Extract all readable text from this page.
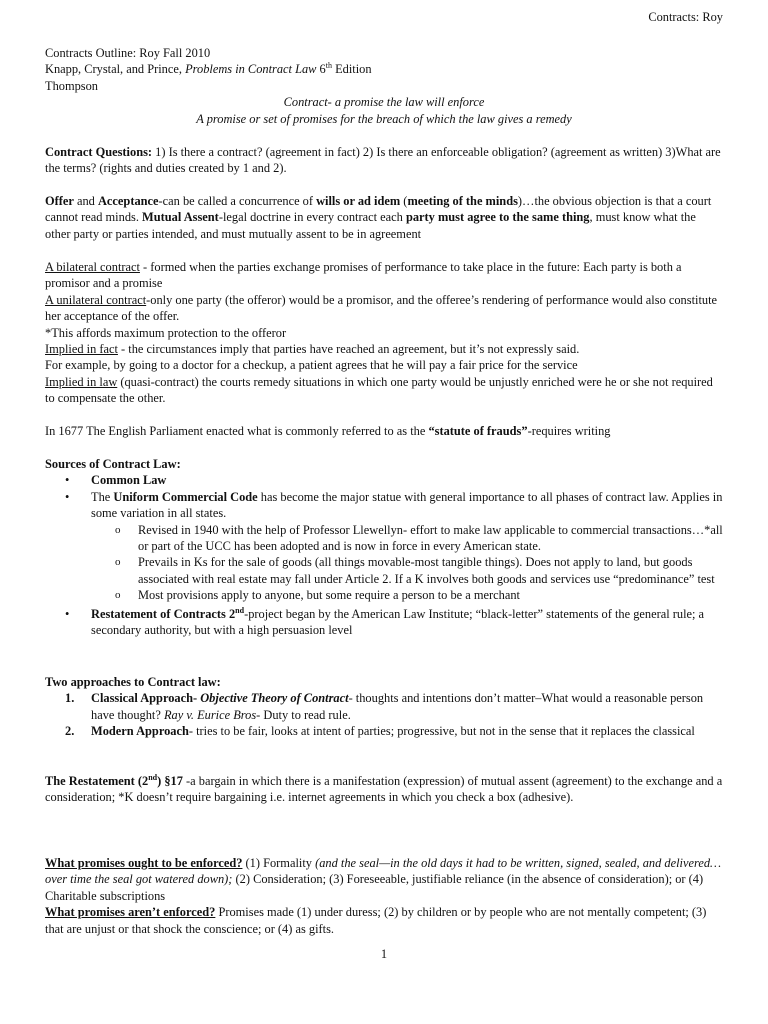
Contracts: Roy

Contracts Outline: Roy Fall 2010

Knapp, Crystal, and Prince, Problems in Contract Law 6th Edition

Thompson

Contract- a promise the law will enforce

A promise or set of promises for the breach of which the law gives a remedy

Contract Questions: 1) Is there a contract? (agreement in fact) 2) Is there an enforceable obligation? (agreement as written) 3)What are the terms? (rights and duties created by 1 and 2).

Offer and Acceptance-can be called a concurrence of wills or ad idem (meeting of the minds)…the obvious objection is that a court cannot read minds. Mutual Assent-legal doctrine in every contract each party must agree to the same thing, must know what the other party or parties intended, and must mutually assent to be in agreement

A bilateral contract - formed when the parties exchange promises of performance to take place in the future: Each party is both a promisor and a promise

A unilateral contract-only one party (the offeror) would be a promisor, and the offeree’s rendering of performance would also constitute her acceptance of the offer.

*This affords maximum protection to the offeror

Implied in fact - the circumstances imply that parties have reached an agreement, but it’s not expressly said.

For example, by going to a doctor for a checkup, a patient agrees that he will pay a fair price for the service

Implied in law (quasi-contract) the courts remedy situations in which one party would be unjustly enriched were he or she not required to compensate the other.

In 1677 The English Parliament enacted what is commonly referred to as the “statute of frauds”-requires writing

Sources of Contract Law:

• Common Law
• The Uniform Commercial Code has become the major statue with general importance to all phases of contract law. Applies in some variation in all states.
o Revised in 1940 with the help of Professor Llewellyn- effort to make law applicable to commercial transactions…*all or part of the UCC has been adopted and is now in force in every American state.
o Prevails in Ks for the sale of goods (all things movable-most tangible things). Does not apply to land, but goods associated with real estate may fall under Article 2. If a K involves both goods and services use “predominance” test
o Most provisions apply to anyone, but some require a person to be a merchant
• Restatement of Contracts 2nd-project began by the American Law Institute; “black-letter” statements of the general rule; a secondary authority, but with a high persuasion level

Two approaches to Contract law:

1. Classical Approach- Objective Theory of Contract- thoughts and intentions don’t matter–What would a reasonable person have thought? Ray v. Eurice Bros- Duty to read rule.
2. Modern Approach- tries to be fair, looks at intent of parties; progressive, but not in the sense that it replaces the classical

The Restatement (2nd) §17 -a bargain in which there is a manifestation (expression) of mutual assent (agreement) to the exchange and a consideration; *K doesn’t require bargaining i.e. internet agreements in which you check a box (adhesive).

What promises ought to be enforced? (1) Formality (and the seal—in the old days it had to be written, signed, sealed, and delivered…over time the seal got watered down); (2) Consideration; (3) Foreseeable, justifiable reliance (in the absence of consideration); or (4) Charitable subscriptions

What promises aren’t enforced? Promises made (1) under duress; (2) by children or by people who are not mentally competent; (3) that are unjust or that shock the conscience; or (4) as gifts.

1
